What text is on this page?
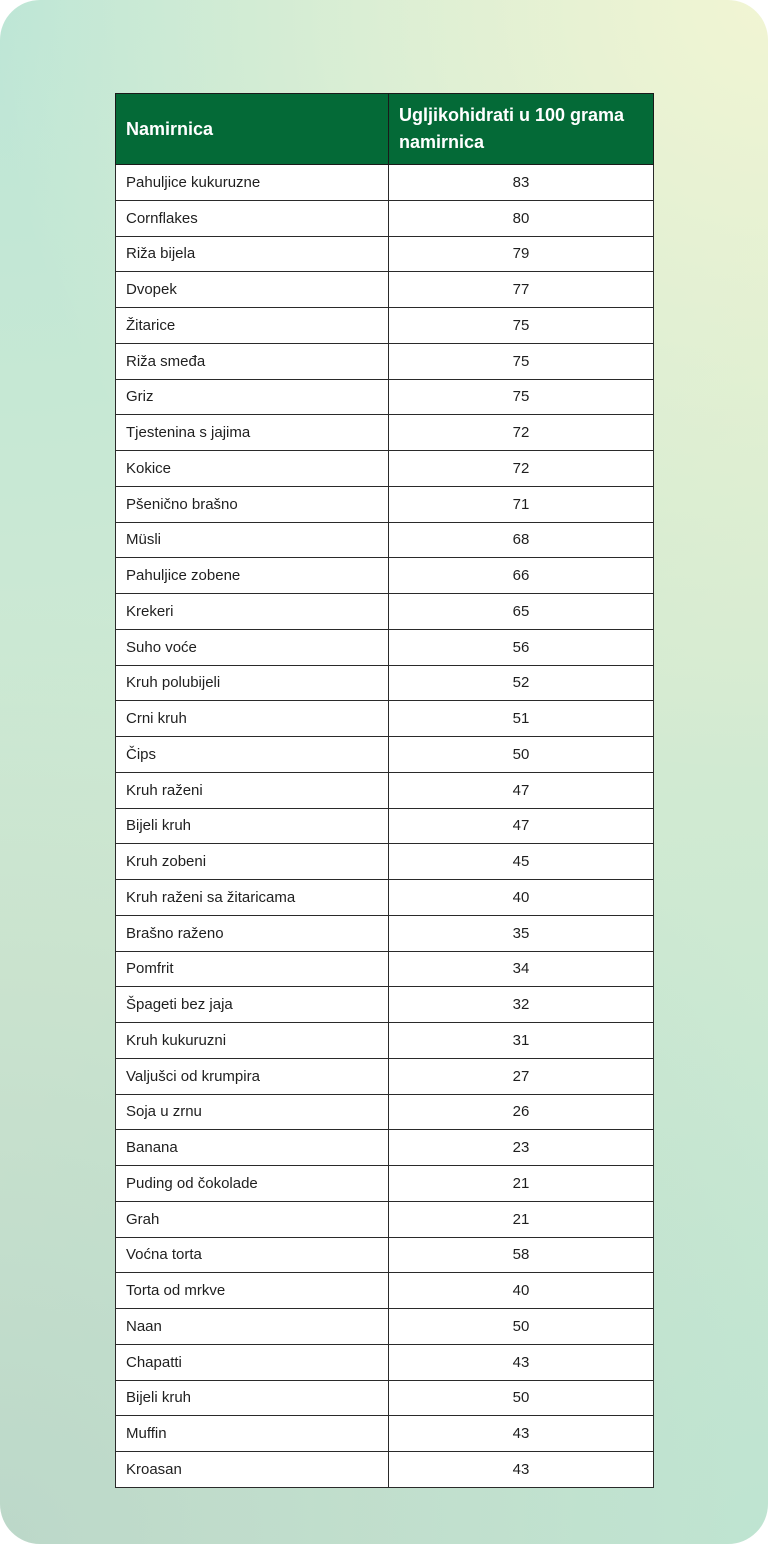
Namirnica	Ugljikohidrati u 100 grama namirnica
Pahuljice kukuruzne	83
Cornflakes	80
Riža bijela	79
Dvopek	77
Žitarice	75
Riža smeđa	75
Griz	75
Tjestenina s jajima	72
Kokice	72
Pšenično brašno	71
Müsli	68
Pahuljice zobene	66
Krekeri	65
Suho voće	56
Kruh polubijeli	52
Crni kruh	51
Čips	50
Kruh raženi	47
Bijeli kruh	47
Kruh zobeni	45
Kruh raženi sa žitaricama	40
Brašno raženo	35
Pomfrit	34
Špageti bez jaja	32
Kruh kukuruzni	31
Valjušci od krumpira	27
Soja u zrnu	26
Banana	23
Puding od čokolade	21
Grah	21
Voćna torta	58
Torta od mrkve	40
Naan	50
Chapatti	43
Bijeli kruh	50
Muffin	43
Kroasan	43
